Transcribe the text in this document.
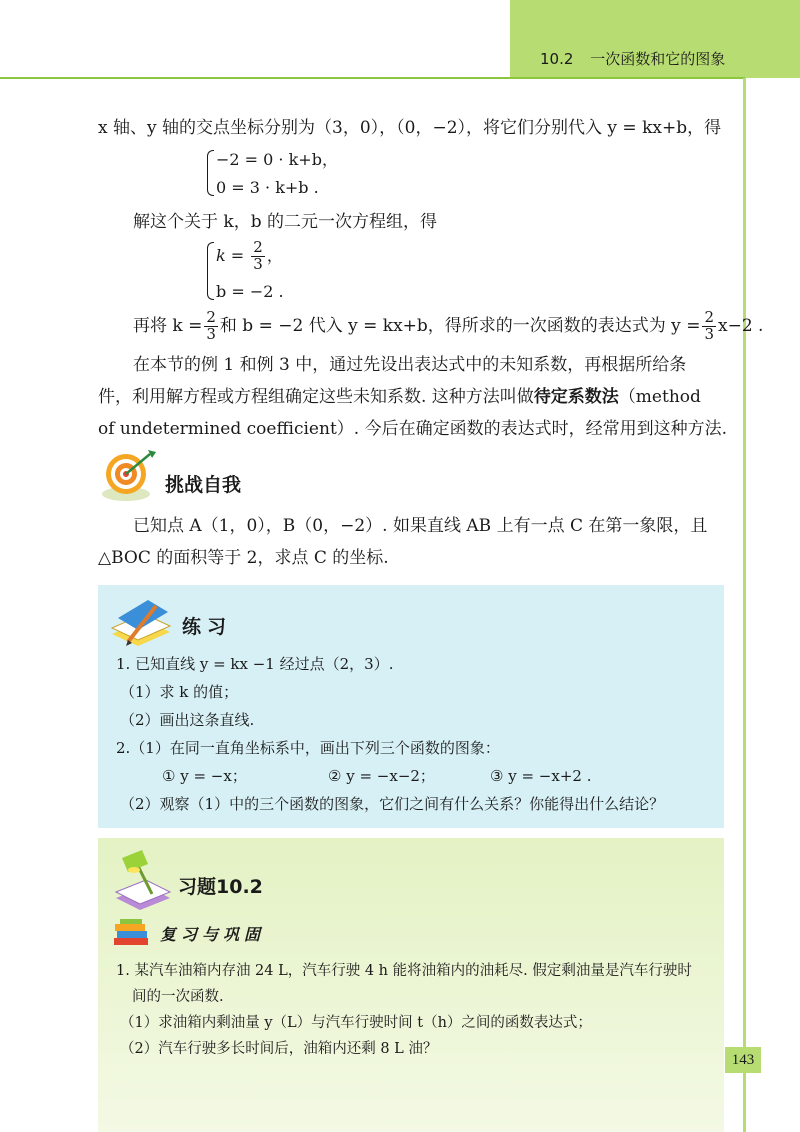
10.2 一次函数和它的图象
x 轴、y 轴的交点坐标分别为（3，0），（0，−2），将它们分别代入 y = kx+b，得
−2 = 0 · k+b，
0 = 3 · k+b .
解这个关于 k，b 的二元一次方程组，得
$k = \frac{2}{3}$ ，
b = −2 .
再将 $k = \frac{2}{3}$ 和 b = −2 代入 y = kx+b，得所求的一次函数的表达式为 $y = \frac{2}{3} x-2$ .
在本节的例 1 和例 3 中，通过先设出表达式中的未知系数，再根据所给条
件，利用解方程或方程组确定这些未知系数. 这种方法叫做待定系数法（method
of undetermined coefficient）. 今后在确定函数的表达式时，经常用到这种方法.
挑战自我
已知点 A（1，0），B（0，−2）. 如果直线 AB 上有一点 C 在第一象限，且
△BOC 的面积等于 2，求点 C 的坐标.
练习
1. 已知直线 y = kx −1 经过点（2，3）.
（1）求 k 的值；
（2）画出这条直线.
2.（1）在同一直角坐标系中，画出下列三个函数的图象：
① y = −x；	② y = −x−2；	③ y = −x+2 .
（2）观察（1）中的三个函数的图象，它们之间有什么关系？你能得出什么结论？
习题10.2
复习与巩固
1. 某汽车油箱内存油 24 L，汽车行驶 4 h 能将油箱内的油耗尽. 假定剩油量是汽车行驶时
间的一次函数.
（1）求油箱内剩油量 y（L）与汽车行驶时间 t（h）之间的函数表达式；
（2）汽车行驶多长时间后，油箱内还剩 8 L 油？
143
